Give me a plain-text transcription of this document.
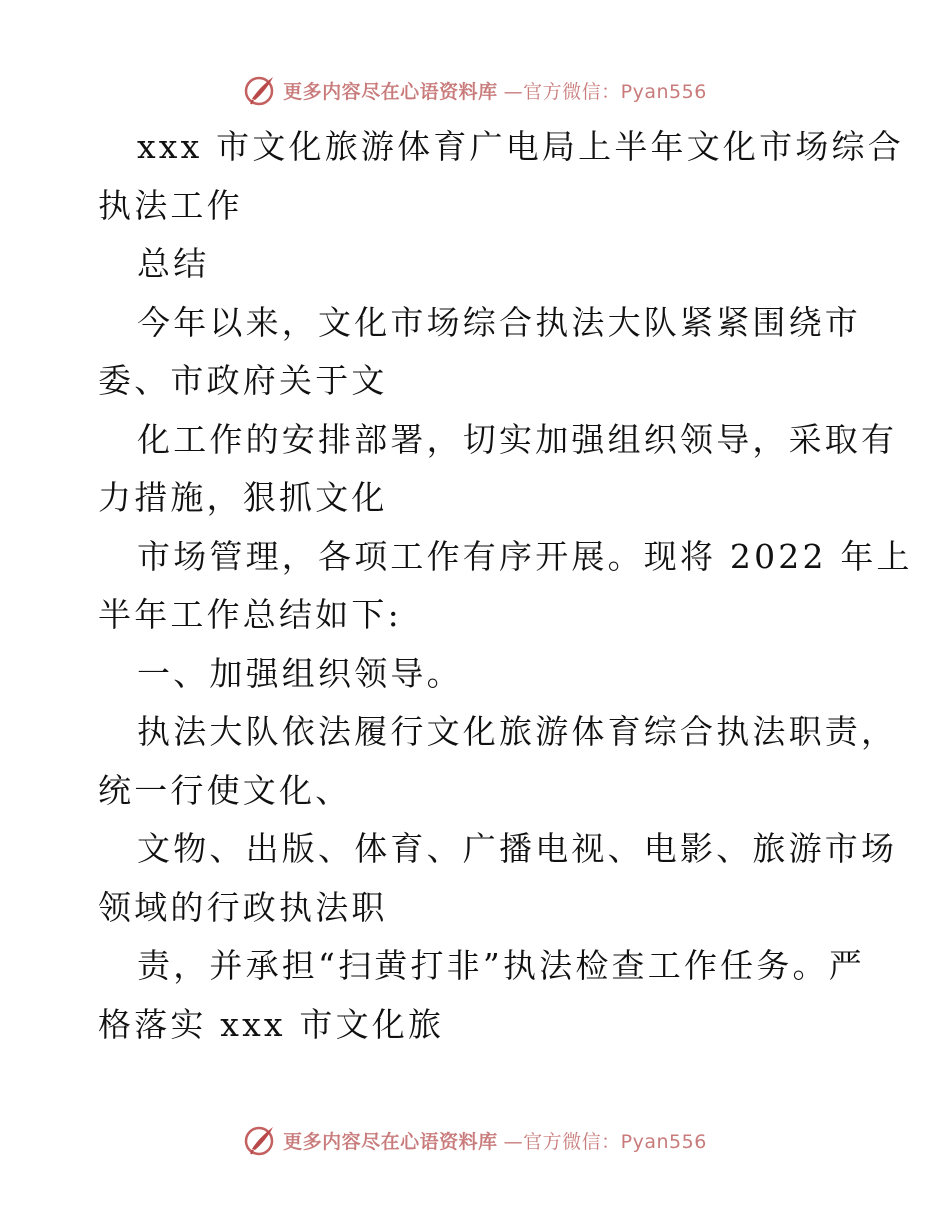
更多内容尽在心语资料库 —官方微信：Pyan556
xxx 市文化旅游体育广电局上半年文化市场综合
执法工作
总结
今年以来，文化市场综合执法大队紧紧围绕市
委、市政府关于文
化工作的安排部署，切实加强组织领导，采取有
力措施，狠抓文化
市场管理，各项工作有序开展。现将 2022 年上
半年工作总结如下:
一、加强组织领导。
执法大队依法履行文化旅游体育综合执法职责，
统一行使文化、
文物、出版、体育、广播电视、电影、旅游市场
领域的行政执法职
责，并承担“扫黄打非”执法检查工作任务。严
格落实 xxx 市文化旅
更多内容尽在心语资料库 —官方微信：Pyan556
